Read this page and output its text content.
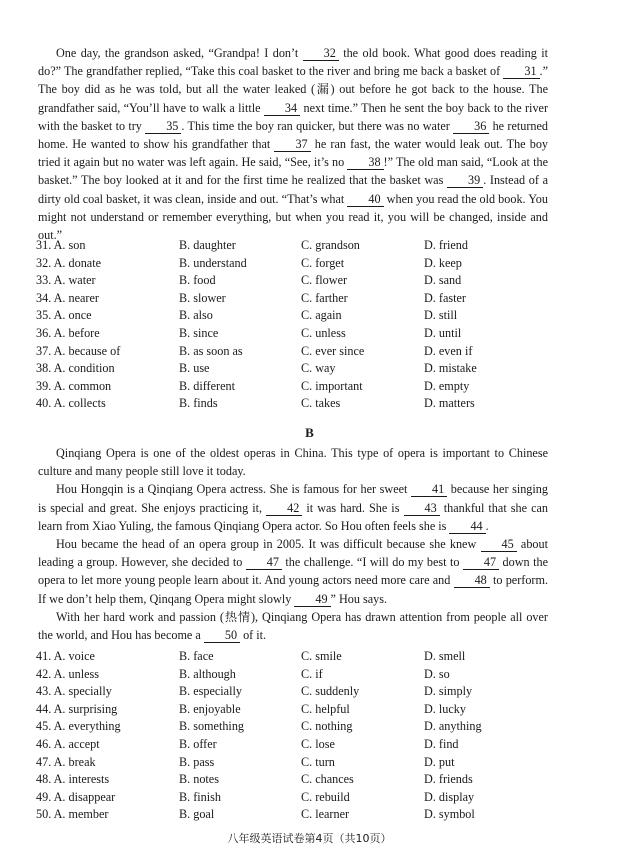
One day, the grandson asked, “Grandpa! I don’t 32 the old book. What good does reading it do?” The grandfather replied, “Take this coal basket to the river and bring me back a basket of 31 .” The boy did as he was told, but all the water leaked (漏) out before he got back to the house. The grandfather said, “You’ll have to walk a little 34 next time.” Then he sent the boy back to the river with the basket to try 35 . This time the boy ran quicker, but there was no water 36 he returned home. He wanted to show his grandfather that 37 he ran fast, the water would leak out. The boy tried it again but no water was left again. He said, “See, it’s no 38 !” The old man said, “Look at the basket.” The boy looked at it and for the first time he realized that the basket was 39 . Instead of a dirty old coal basket, it was clean, inside and out. “That’s what 40 when you read the old book. You might not understand or remember everything, but when you read it, you will be changed, inside and out.”

31. A. son	B. daughter	C. grandson	D. friend
32. A. donate	B. understand	C. forget	D. keep
33. A. water	B. food	C. flower	D. sand
34. A. nearer	B. slower	C. farther	D. faster
35. A. once	B. also	C. again	D. still
36. A. before	B. since	C. unless	D. until
37. A. because of	B. as soon as	C. ever since	D. even if
38. A. condition	B. use	C. way	D. mistake
39. A. common	B. different	C. important	D. empty
40. A. collects	B. finds	C. takes	D. matters
B

Qinqiang Opera is one of the oldest operas in China. This type of opera is important to Chinese culture and many people still love it today.

Hou Hongqin is a Qinqiang Opera actress. She is famous for her sweet 41 because her singing is special and great. She enjoys practicing it, 42 it was hard. She is 43 thankful that she can learn from Xiao Yuling, the famous Qinqiang Opera actor. So Hou often feels she is 44 .

Hou became the head of an opera group in 2005. It was difficult because she knew 45 about leading a group. However, she decided to 47 the challenge. “I will do my best to 47 down the opera to let more young people learn about it. And young actors need more care and 48 to perform. If we don’t help them, Qinqang Opera might slowly 49 ” Hou says.

With her hard work and passion (热情), Qinqiang Opera has drawn attention from people all over the world, and Hou has become a 50 of it.

41. A. voice	B. face	C. smile	D. smell
42. A. unless	B. although	C. if	D. so
43. A. specially	B. especially	C. suddenly	D. simply
44. A. surprising	B. enjoyable	C. helpful	D. lucky
45. A. everything	B. something	C. nothing	D. anything
46. A. accept	B. offer	C. lose	D. find
47. A. break	B. pass	C. turn	D. put
48. A. interests	B. notes	C. chances	D. friends
49. A. disappear	B. finish	C. rebuild	D. display
50. A. member	B. goal	C. learner	D. symbol
八年级英语试卷第4页（共10页）
